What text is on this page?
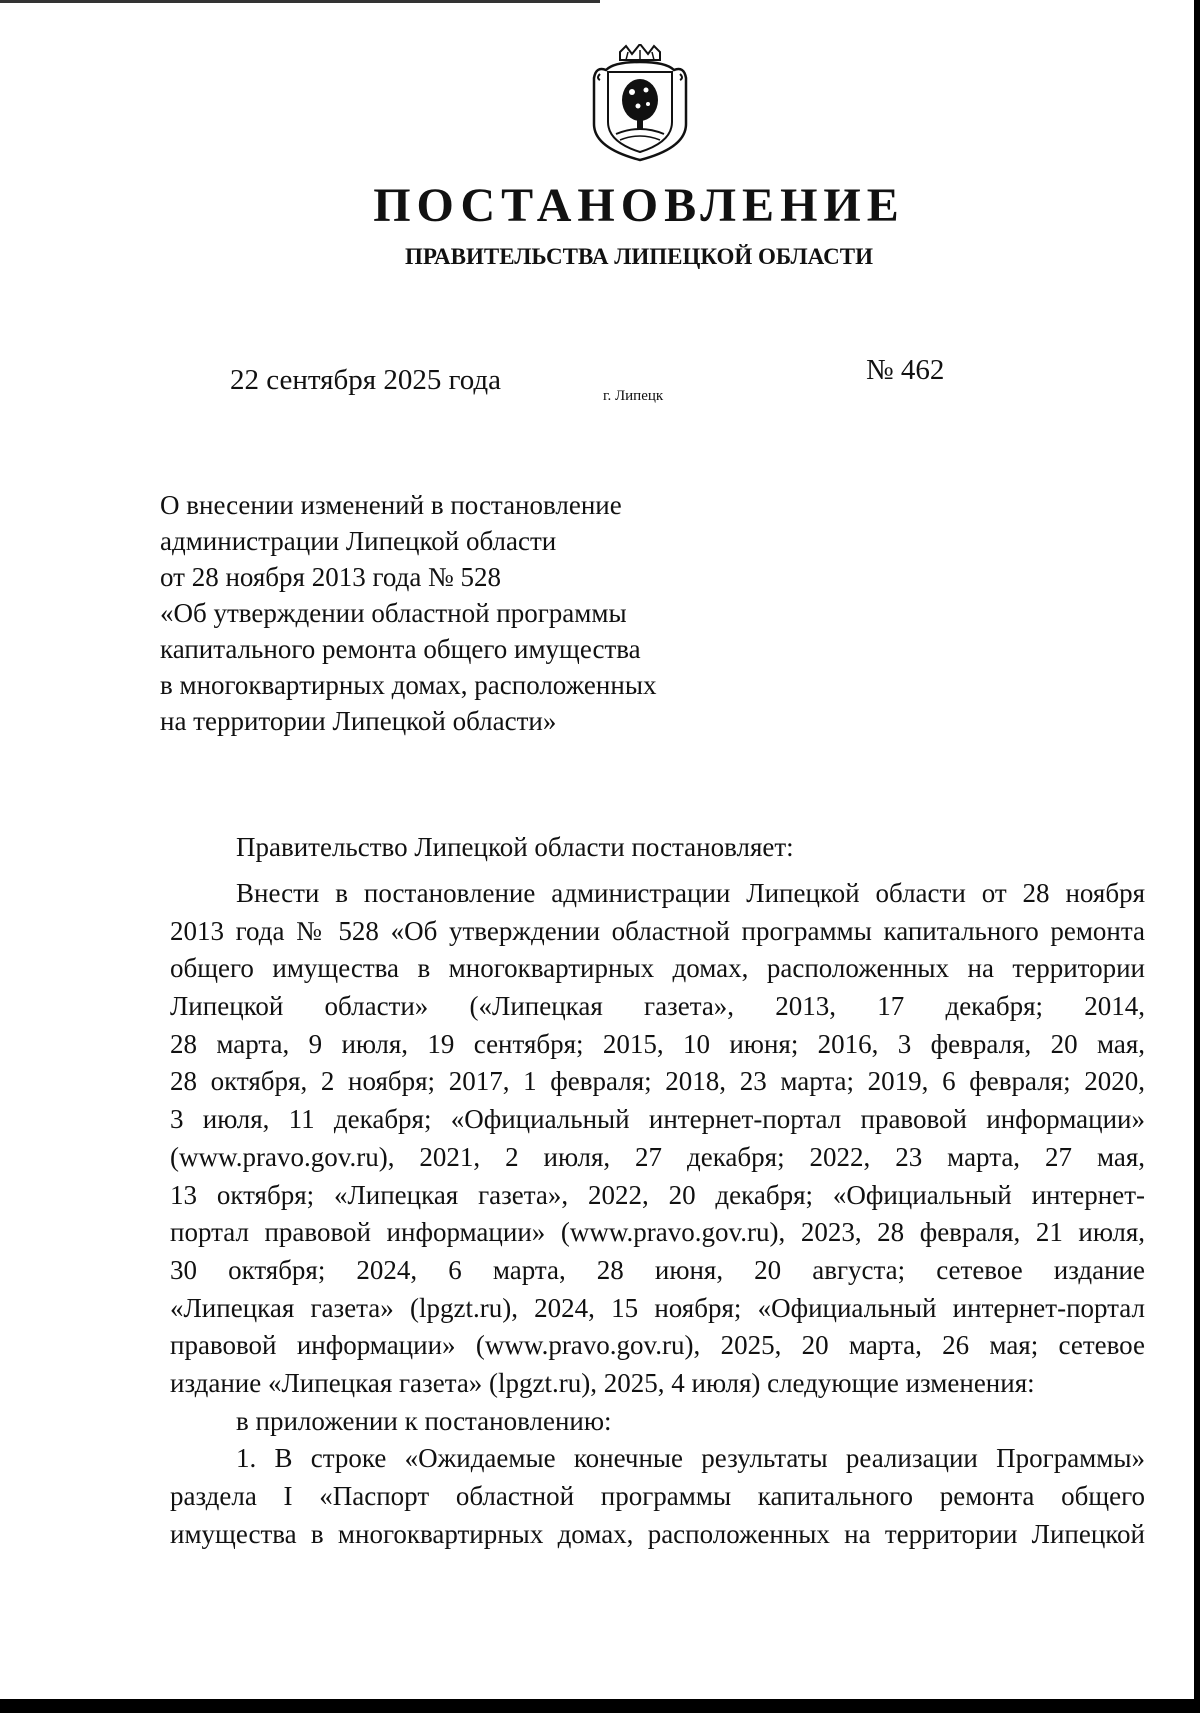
ПОСТАНОВЛЕНИЕ
ПРАВИТЕЛЬСТВА ЛИПЕЦКОЙ ОБЛАСТИ
22 сентября 2025 года	г. Липецк
№ 462
О внесении изменений в постановление
администрации Липецкой области
от 28 ноября 2013 года № 528
«Об утверждении областной программы
капитального ремонта общего имущества
в многоквартирных домах, расположенных
на территории Липецкой области»
Правительство Липецкой области постановляет:
Внести в постановление администрации Липецкой области от 28 ноября
2013 года № 528 «Об утверждении областной программы капитального ремонта
общего имущества в многоквартирных домах, расположенных на территории
Липецкой области» («Липецкая газета», 2013, 17 декабря; 2014,
28 марта, 9 июля, 19 сентября; 2015, 10 июня; 2016, 3 февраля, 20 мая,
28 октября, 2 ноября; 2017, 1 февраля; 2018, 23 марта; 2019, 6 февраля; 2020,
3 июля, 11 декабря; «Официальный интернет-портал правовой информации»
(www.pravo.gov.ru), 2021, 2 июля, 27 декабря; 2022, 23 марта, 27 мая,
13 октября; «Липецкая газета», 2022, 20 декабря; «Официальный интернет-
портал правовой информации» (www.pravo.gov.ru), 2023, 28 февраля, 21 июля,
30 октября; 2024, 6 марта, 28 июня, 20 августа; сетевое издание
«Липецкая газета» (lpgzt.ru), 2024, 15 ноября; «Официальный интернет-портал
правовой информации» (www.pravo.gov.ru), 2025, 20 марта, 26 мая; сетевое
издание «Липецкая газета» (lpgzt.ru), 2025, 4 июля) следующие изменения:
в приложении к постановлению:
1. В строке «Ожидаемые конечные результаты реализации Программы»
раздела I «Паспорт областной программы капитального ремонта общего
имущества в многоквартирных домах, расположенных на территории Липецкой
